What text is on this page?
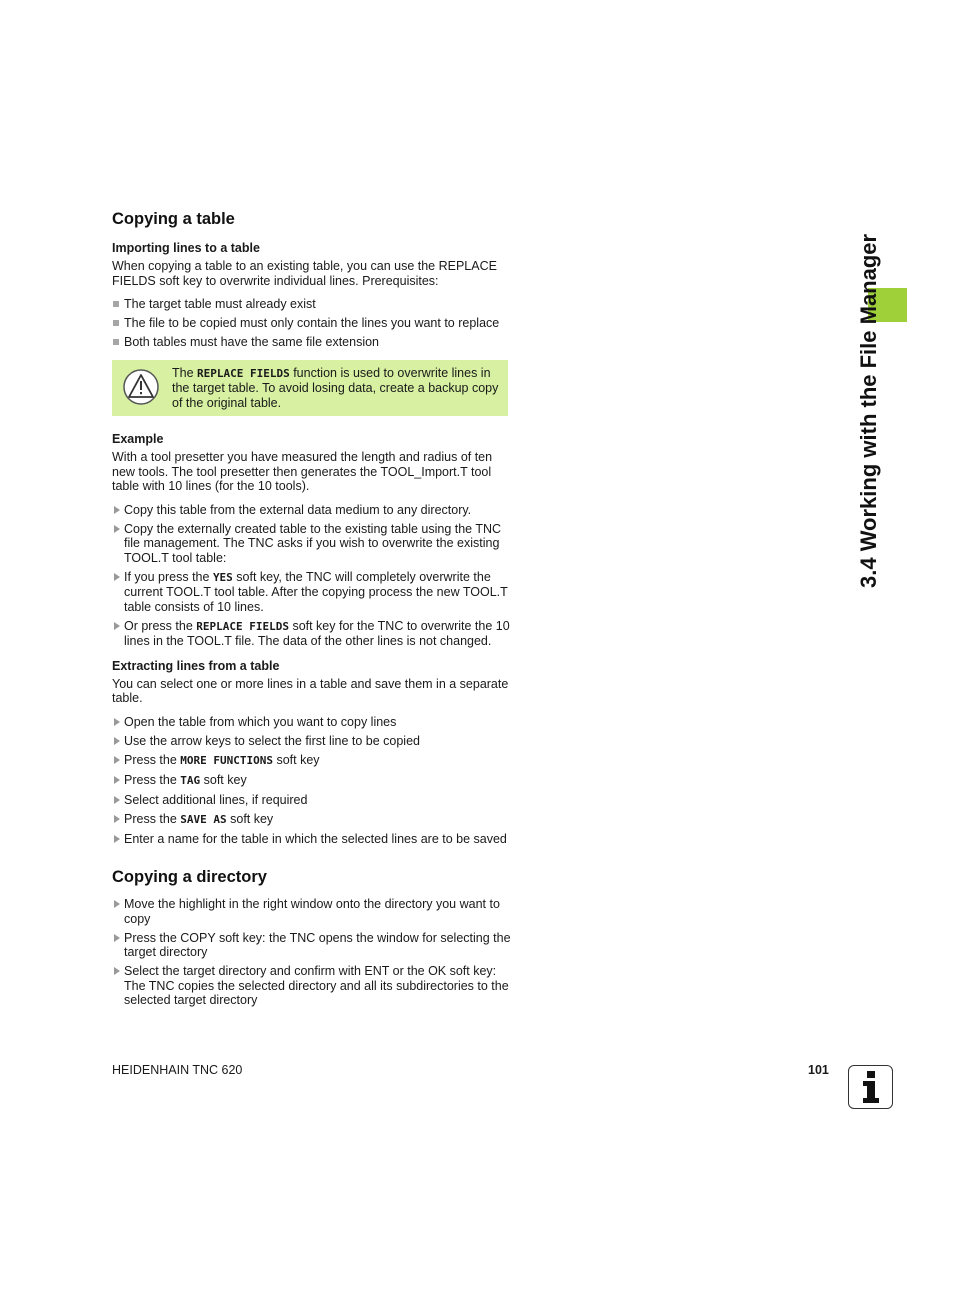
3.4 Working with the File Manager
Copying a table
Importing lines to a table

When copying a table to an existing table, you can use the REPLACE FIELDS soft key to overwrite individual lines. Prerequisites:

The target table must already exist
The file to be copied must only contain the lines you want to replace
Both tables must have the same file extension
The REPLACE FIELDS function is used to overwrite lines in the target table. To avoid losing data, create a backup copy of the original table.
Example

With a tool presetter you have measured the length and radius of ten new tools. The tool presetter then generates the TOOL_Import.T tool table with 10 lines (for the 10 tools).

Copy this table from the external data medium to any directory.
Copy the externally created table to the existing table using the TNC file management. The TNC asks if you wish to overwrite the existing TOOL.T tool table:
If you press the YES soft key, the TNC will completely overwrite the current TOOL.T tool table. After the copying process the new TOOL.T table consists of 10 lines.
Or press the REPLACE FIELDS soft key for the TNC to overwrite the 10 lines in the TOOL.T file. The data of the other lines is not changed.
Extracting lines from a table

You can select one or more lines in a table and save them in a separate table.

Open the table from which you want to copy lines
Use the arrow keys to select the first line to be copied
Press the MORE FUNCTIONS soft key
Press the TAG soft key
Select additional lines, if required
Press the SAVE AS soft key
Enter a name for the table in which the selected lines are to be saved
Copying a directory
Move the highlight in the right window onto the directory you want to copy
Press the COPY soft key: the TNC opens the window for selecting the target directory
Select the target directory and confirm with ENT or the OK soft key: The TNC copies the selected directory and all its subdirectories to the selected target directory
HEIDENHAIN TNC 620	101
